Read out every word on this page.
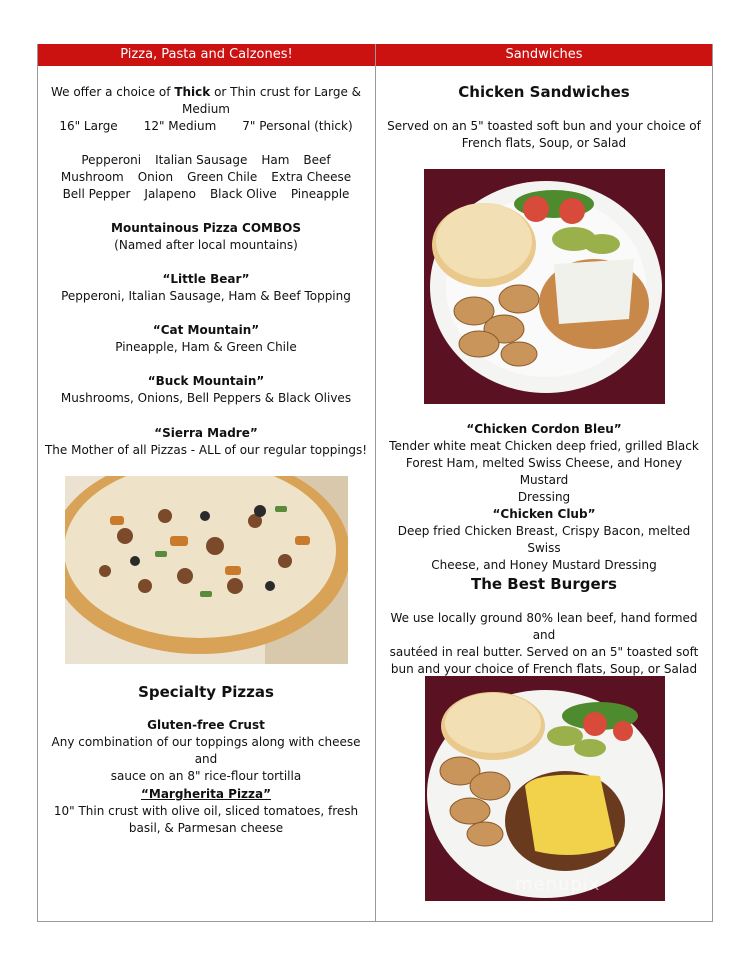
Pizza, Pasta and Calzones!	Sandwiches
We offer a choice of Thick or Thin crust for Large &
Medium
16" Large 12" Medium 7" Personal (thick)
Pepperoni Italian Sausage Ham Beef
Mushroom Onion Green Chile Extra Cheese
Bell Pepper Jalapeno Black Olive Pineapple
Mountainous Pizza COMBOS
(Named after local mountains)
“Little Bear”
Pepperoni, Italian Sausage, Ham & Beef Topping
“Cat Mountain”
Pineapple, Ham & Green Chile
“Buck Mountain”
Mushrooms, Onions, Bell Peppers & Black Olives
“Sierra Madre”
The Mother of all Pizzas - ALL of our regular toppings!
Specialty Pizzas
Gluten-free Crust
Any combination of our toppings along with cheese and
sauce on an 8" rice-flour tortilla
“Margherita Pizza”
10" Thin crust with olive oil, sliced tomatoes, fresh
basil, & Parmesan cheese
Chicken Sandwiches
Served on an 5" toasted soft bun and your choice of
French flats, Soup, or Salad
“Chicken Cordon Bleu”
Tender white meat Chicken deep fried, grilled Black
Forest Ham, melted Swiss Cheese, and Honey Mustard
Dressing
“Chicken Club”
Deep fried Chicken Breast, Crispy Bacon, melted Swiss
Cheese, and Honey Mustard Dressing
The Best Burgers
We use locally ground 80% lean beef, hand formed and
sautéed in real butter. Served on an 5" toasted soft
bun and your choice of French flats, Soup, or Salad
menupix
